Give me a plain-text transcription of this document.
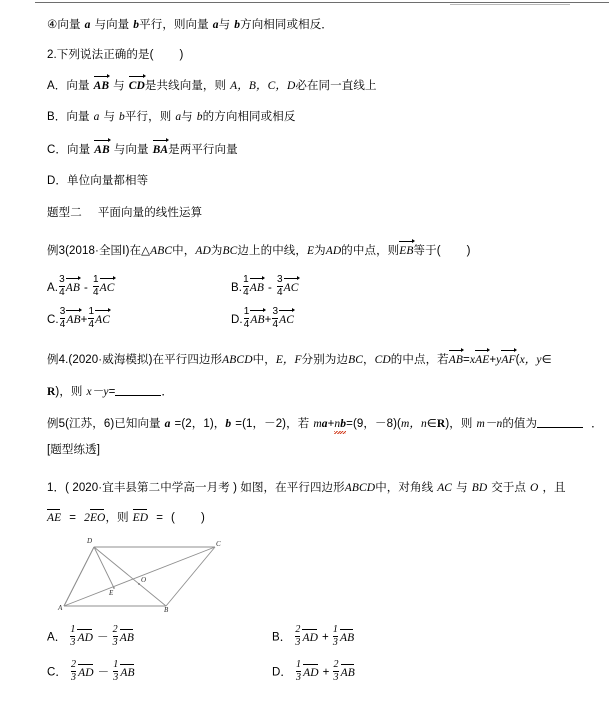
④向量 a 与向量 b平行，则向量 a与 b方向相同或相反．
2.下列说法正确的是( )
A．向量 AB 与 CD是共线向量，则 A，B，C，D必在同一直线上
B．向量 a 与 b平行，则 a与 b的方向相同或相反
C．向量 AB 与向量 BA是两平行向量
D．单位向量都相等
题型二 平面向量的线性运算
例3(2018·全国Ⅰ)在△ABC中，AD为BC边上的中线，E为AD的中点，则EB等于( )
A. $\frac{3}{4}$ AB - $\frac{1}{4}$ AC	B. $\frac{1}{4}$ AB - $\frac{3}{4}$ AC
C. $\frac{3}{4} AB+ \frac{1}{4}$ AC	D. $\frac{1}{4} AB+ \frac{3}{4}$ AC
例4.(2020·威海模拟)在平行四边形ABCD中，E，F分别为边BC，CD的中点，若AB=xAE+yAF(x，y∈
R)，则 x－y=	．
例5(江苏，6)已知向量 a =(2，1)，b =(1，－2)，若 ma+nb=(9，－8)(m，n∈R)，则 m－n的值为	．
[题型练透]
1．( 2020·宜丰县第二中学高一月考 ) 如图，在平行四边形ABCD中，对角线 AC 与 BD 交于点 O ，且
AE = 2EO，则 ED = ( )
D	C
A	B
O
E
A． $\frac{1}{3}$ AD － $\frac{2}{3}$ AB	B． $\frac{2}{3}$ AD + $\frac{1}{3}$ AB
C． $\frac{2}{3}$ AD － $\frac{1}{3}$ AB	D． $\frac{1}{3}$ AD + $\frac{2}{3}$ AB
